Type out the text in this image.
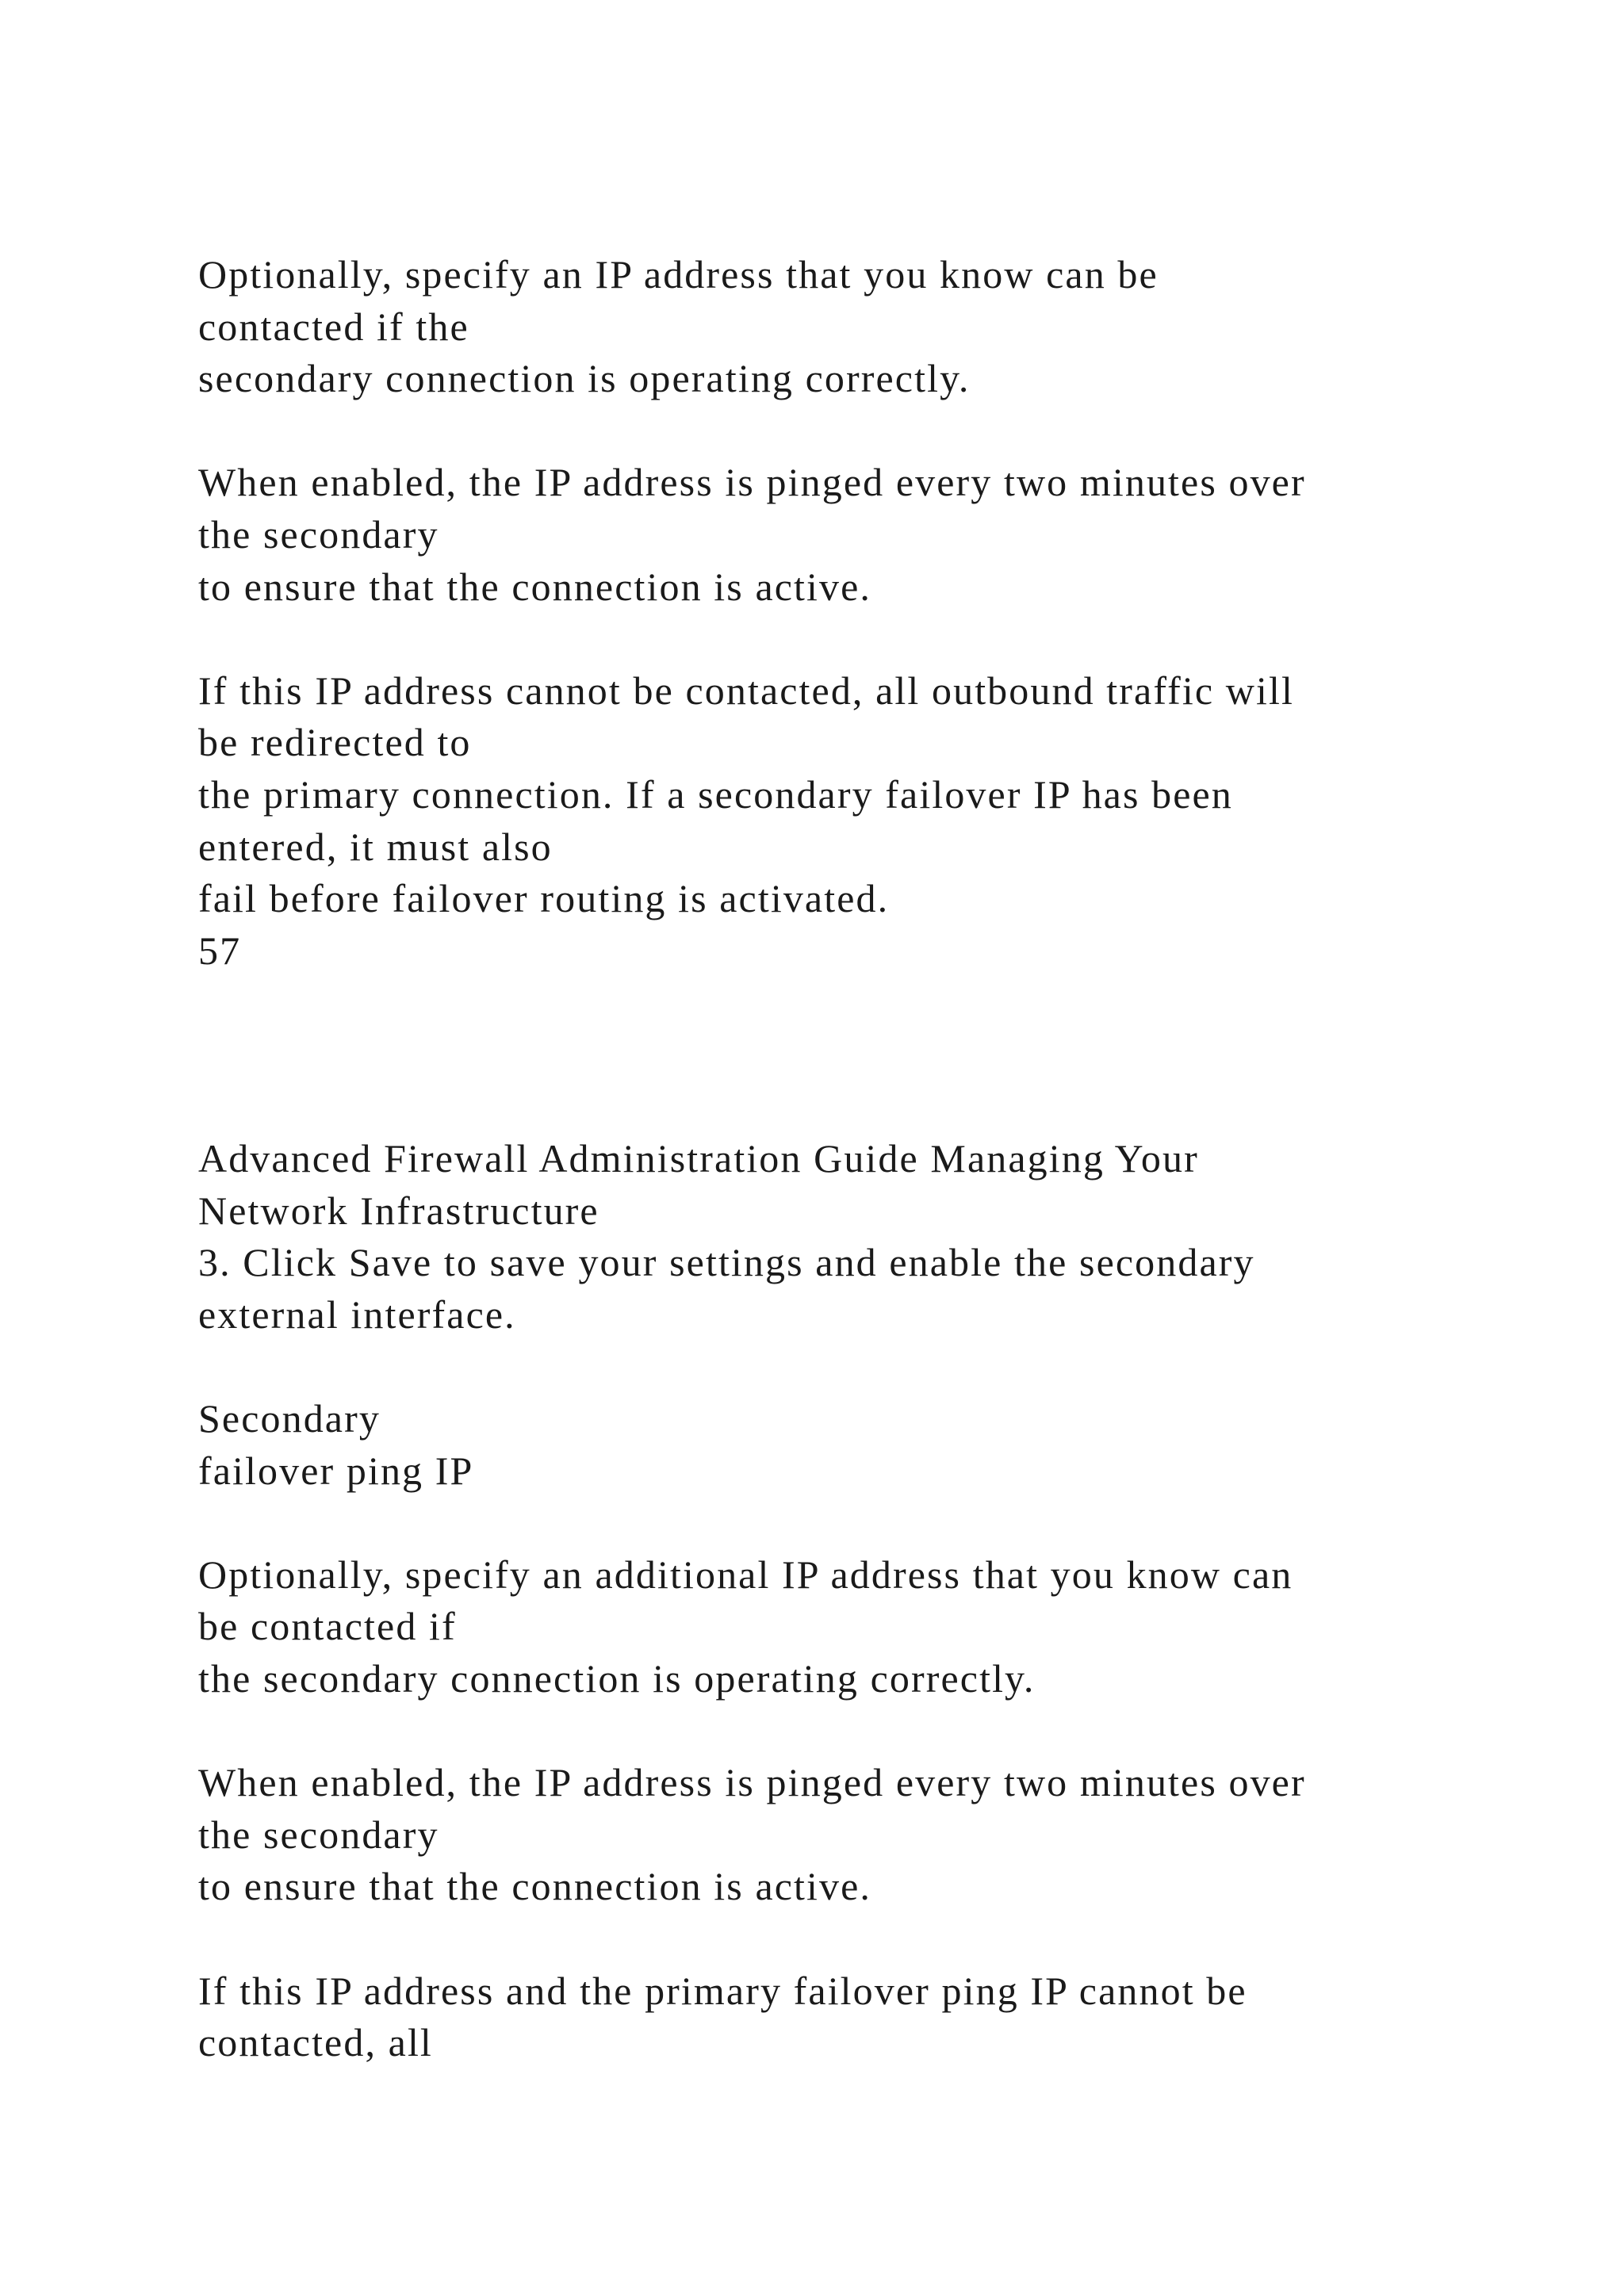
Optionally, specify an IP address that you know can be
contacted if the
secondary connection is operating correctly.
When enabled, the IP address is pinged every two minutes over
the secondary
to ensure that the connection is active.
If this IP address cannot be contacted, all outbound traffic will
be redirected to
the primary connection. If a secondary failover IP has been
entered, it must also
fail before failover routing is activated.
57
Advanced Firewall Administration Guide Managing Your
Network Infrastructure
3. Click Save to save your settings and enable the secondary
external interface.
Secondary
failover ping IP
Optionally, specify an additional IP address that you know can
be contacted if
the secondary connection is operating correctly.
When enabled, the IP address is pinged every two minutes over
the secondary
to ensure that the connection is active.
If this IP address and the primary failover ping IP cannot be
contacted, all
